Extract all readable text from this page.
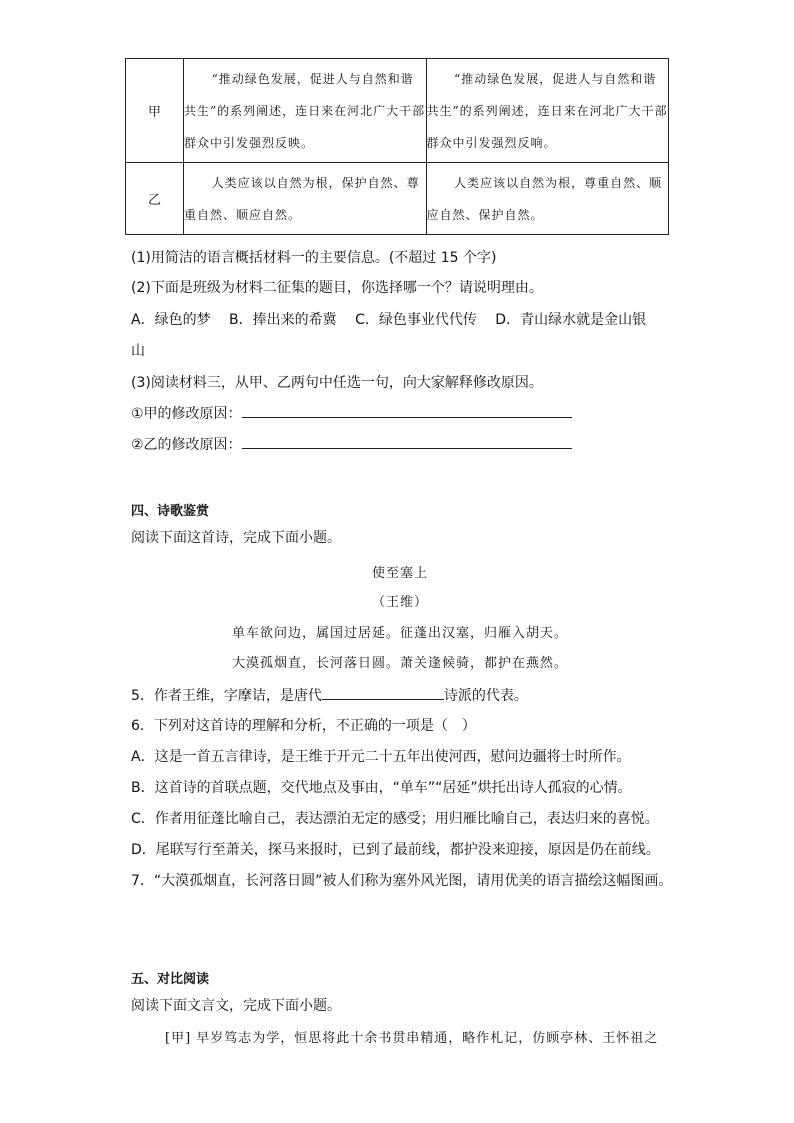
甲	“推动绿色发展，促进人与自然和谐共生”的系列阐述，连日来在河北广大干部群众中引发强烈反映。	“推动绿色发展，促进人与自然和谐共生”的系列阐述，连日来在河北广大干部群众中引发强烈反响。
乙	人类应该以自然为根，保护自然、尊重自然、顺应自然。	人类应该以自然为根，尊重自然、顺应自然、保护自然。
(1)用简洁的语言概括材料一的主要信息。(不超过 15 个字)
(2)下面是班级为材料二征集的题目，你选择哪一个？请说明理由。
A．绿色的梦　 B．捧出来的希冀　 C．绿色事业代代传　 D．青山绿水就是金山银
山
(3)阅读材料三，从甲、乙两句中任选一句，向大家解释修改原因。
①甲的修改原因：
②乙的修改原因：
四、诗歌鉴赏
阅读下面这首诗，完成下面小题。
使至塞上
（王维）
单车欲问边，属国过居延。征蓬出汉塞，归雁入胡天。
大漠孤烟直，长河落日圆。萧关逢候骑，都护在燕然。
5．作者王维，字摩诘，是唐代	诗派的代表。
6．下列对这首诗的理解和分析，不正确的一项是（　）
A．这是一首五言律诗，是王维于开元二十五年出使河西，慰问边疆将士时所作。
B．这首诗的首联点题，交代地点及事由，“单车”“居延”烘托出诗人孤寂的心情。
C．作者用征蓬比喻自己，表达漂泊无定的感受；用归雁比喻自己，表达归来的喜悦。
D．尾联写行至萧关，探马来报时，已到了最前线，都护没来迎接，原因是仍在前线。
7．“大漠孤烟直，长河落日圆”被人们称为塞外风光图，请用优美的语言描绘这幅图画。
五、对比阅读
阅读下面文言文，完成下面小题。
[甲] 早岁笃志为学，恒思将此十余书贯串精通，略作札记，仿顾亭林、王怀祖之
